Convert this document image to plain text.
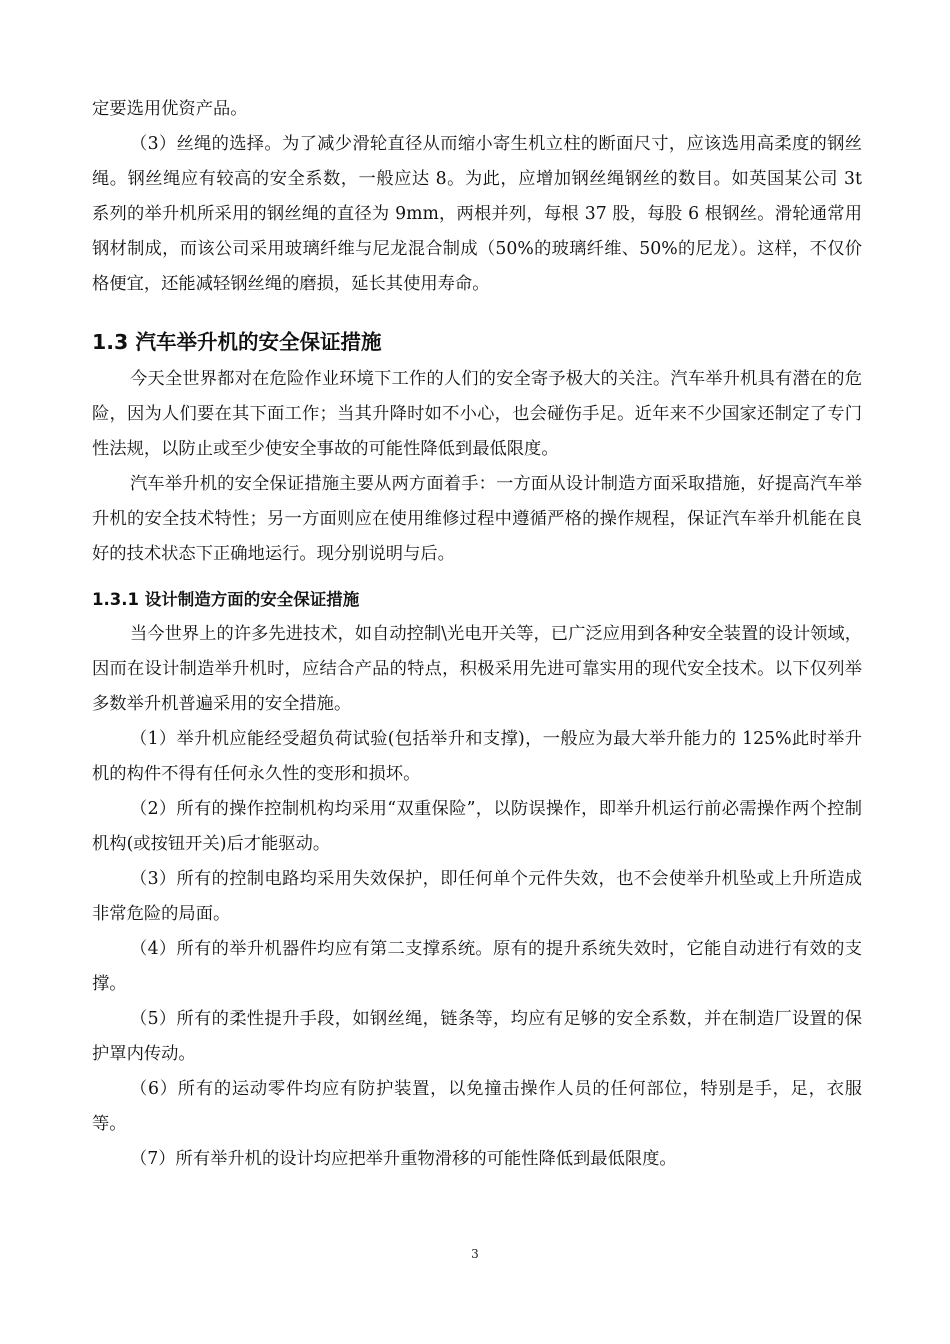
定要选用优资产品。

（3）丝绳的选择。为了减少滑轮直径从而缩小寄生机立柱的断面尺寸，应该选用高柔度的钢丝绳。钢丝绳应有较高的安全系数，一般应达 8。为此，应增加钢丝绳钢丝的数目。如英国某公司 3t 系列的举升机所采用的钢丝绳的直径为 9mm，两根并列，每根 37 股，每股 6 根钢丝。滑轮通常用钢材制成，而该公司采用玻璃纤维与尼龙混合制成（50%的玻璃纤维、50%的尼龙）。这样，不仅价格便宜，还能减轻钢丝绳的磨损，延长其使用寿命。

1.3 汽车举升机的安全保证措施

今天全世界都对在危险作业环境下工作的人们的安全寄予极大的关注。汽车举升机具有潜在的危险，因为人们要在其下面工作；当其升降时如不小心，也会碰伤手足。近年来不少国家还制定了专门性法规，以防止或至少使安全事故的可能性降低到最低限度。

汽车举升机的安全保证措施主要从两方面着手：一方面从设计制造方面采取措施，好提高汽车举升机的安全技术特性；另一方面则应在使用维修过程中遵循严格的操作规程，保证汽车举升机能在良好的技术状态下正确地运行。现分别说明与后。

1.3.1 设计制造方面的安全保证措施

当今世界上的许多先进技术，如自动控制\光电开关等，已广泛应用到各种安全装置的设计领域，因而在设计制造举升机时，应结合产品的特点，积极采用先进可靠实用的现代安全技术。以下仅列举多数举升机普遍采用的安全措施。

（1）举升机应能经受超负荷试验(包括举升和支撑)，一般应为最大举升能力的 125%此时举升机的构件不得有任何永久性的变形和损坏。

（2）所有的操作控制机构均采用“双重保险”，以防误操作，即举升机运行前必需操作两个控制机构(或按钮开关)后才能驱动。

（3）所有的控制电路均采用失效保护，即任何单个元件失效，也不会使举升机坠或上升所造成非常危险的局面。

（4）所有的举升机器件均应有第二支撑系统。原有的提升系统失效时，它能自动进行有效的支撑。

（5）所有的柔性提升手段，如钢丝绳，链条等，均应有足够的安全系数，并在制造厂设置的保护罩内传动。

（6）所有的运动零件均应有防护装置，以免撞击操作人员的任何部位，特别是手，足，衣服等。

（7）所有举升机的设计均应把举升重物滑移的可能性降低到最低限度。

3
